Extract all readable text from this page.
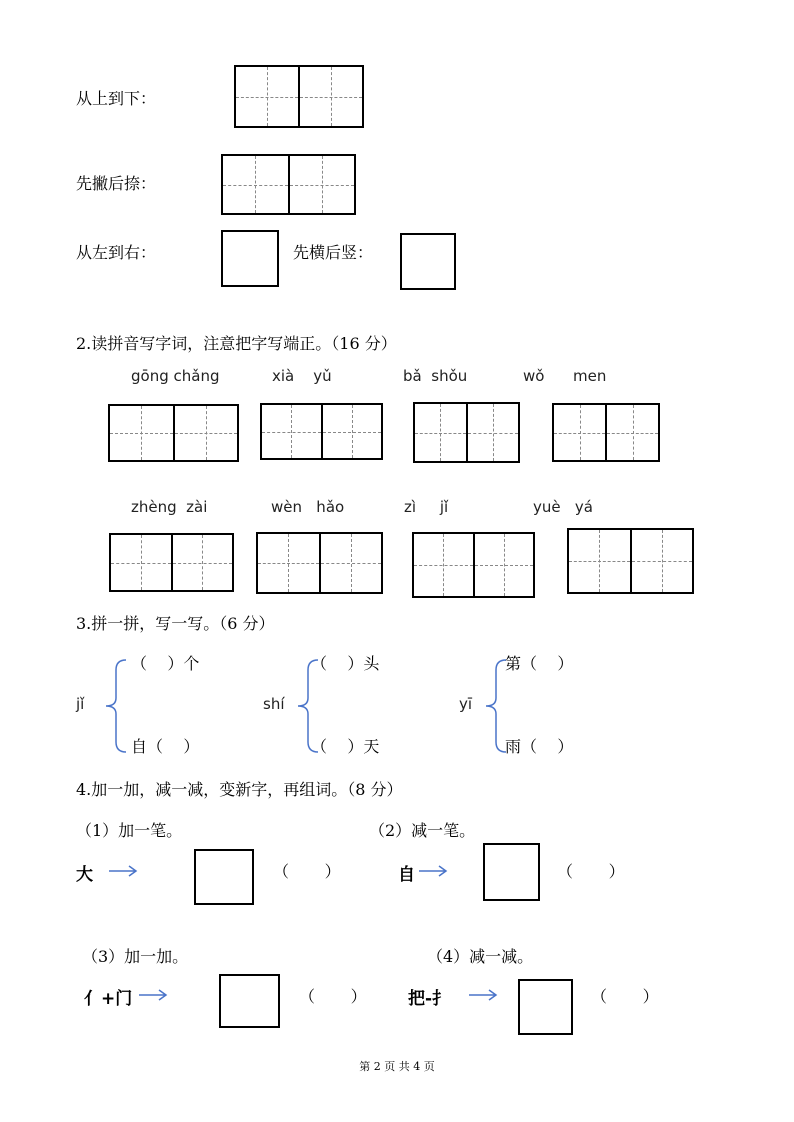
从上到下：
先撇后捺：
从左到右：	先横后竖：
2.读拼音写字词，注意把字写端正。（16 分）
gōng chǎng	xià    yǔ	bǎ  shǒu	wǒ      men
zhèng  zài	wèn   hǎo	zì     jǐ	yuè   yá
3.拼一拼，写一写。（6 分）
jǐ
（    ）个
自（    ）
shí
（    ）头
（    ）天
yī
第（    ）
雨（    ）
4.加一加，减一减，变新字，再组词。（8 分）
（1）加一笔。	（2）减一笔。
大	（       ）	自	（       ）
（3）加一加。	（4）减一减。
亻+门	（       ） 把-扌	（       ）
第 2 页 共 4 页
